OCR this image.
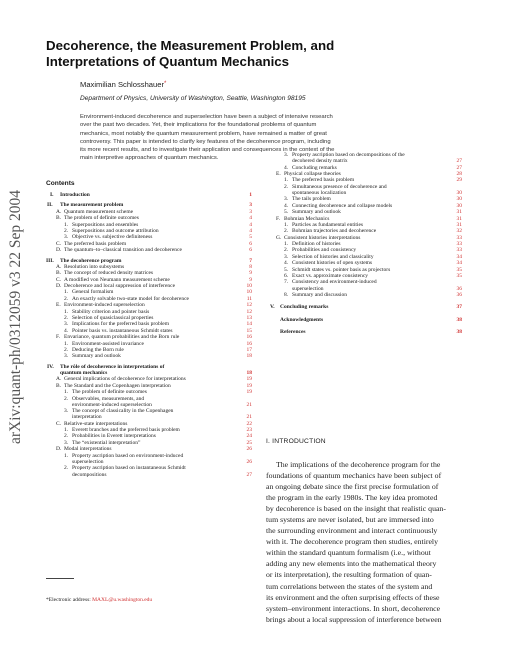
arXiv:quant-ph/0312059 v3 22 Sep 2004
Decoherence, the Measurement Problem, and
Interpretations of Quantum Mechanics
Maximilian Schlosshauer*
Department of Physics, University of Washington, Seattle, Washington 98195
Environment-induced decoherence and superselection have been a subject of intensive research
over the past two decades. Yet, their implications for the foundational problems of quantum
mechanics, most notably the quantum measurement problem, have remained a matter of great
controversy. This paper is intended to clarify key features of the decoherence program, including
its more recent results, and to investigate their application and consequences in the context of the
main interpretive approaches of quantum mechanics.
Contents
I. Introduction	1
II. The measurement problem	3
A. Quantum measurement scheme	3
B. The problem of definite outcomes	4
1. Superpositions and ensembles	4
2. Superpositions and outcome attribution	4
3. Objective vs. subjective definiteness	5
C. The preferred basis problem	6
D. The quantum–to–classical transition and decoherence	6
III. The decoherence program	7
A. Resolution into subsystems	8
B. The concept of reduced density matrices	9
C. A modified von Neumann measurement scheme	9
D. Decoherence and local suppression of interference	10
1. General formalism	10
2. An exactly solvable two-state model for decoherence	11
E. Environment-induced superselection	12
1. Stability criterion and pointer basis	12
2. Selection of quasiclassical properties	13
3. Implications for the preferred basis problem	14
4. Pointer basis vs. instantaneous Schmidt states	15
F. Envariance, quantum probabilities and the Born rule	16
1. Environment-assisted invariance	16
2. Deducing the Born rule	17
3. Summary and outlook	18
IV. The rôle of decoherence in interpretations of
quantum mechanics	18
A. General implications of decoherence for interpretations	19
B. The Standard and the Copenhagen interpretation	19
1. The problem of definite outcomes	19
2. Observables, measurements, and
environment-induced superselection	21
3. The concept of classicality in the Copenhagen
interpretation	21
C. Relative-state interpretations	22
1. Everett branches and the preferred basis problem	23
2. Probabilities in Everett interpretations	24
3. The “existential interpretation”	25
D. Modal interpretations	26
1. Property ascription based on environment-induced
superselection	26
2. Property ascription based on instantaneous Schmidt
decompositions	27
3. Property ascription based on decompositions of the
decohered density matrix	27
4. Concluding remarks	27
E. Physical collapse theories	28
1. The preferred basis problem	29
2. Simultaneous presence of decoherence and
spontaneous localization	30
3. The tails problem	30
4. Connecting decoherence and collapse models	30
5. Summary and outlook	31
F. Bohmian Mechanics	31
1. Particles as fundamental entities	31
2. Bohmian trajectories and decoherence	32
G. Consistent histories interpretations	33
1. Definition of histories	33
2. Probabilities and consistency	33
3. Selection of histories and classicality	34
4. Consistent histories of open systems	34
5. Schmidt states vs. pointer basis as projectors	35
6. Exact vs. approximate consistency	35
7. Consistency and environment-induced
superselection	36
8. Summary and discussion	36
V. Concluding remarks	37
Acknowledgments	38
References	38
*Electronic address: MAXL@u.washington.edu
I. INTRODUCTION
The implications of the decoherence program for the
foundations of quantum mechanics have been subject of
an ongoing debate since the first precise formulation of
the program in the early 1980s. The key idea promoted
by decoherence is based on the insight that realistic quan-
tum systems are never isolated, but are immersed into
the surrounding environment and interact continuously
with it. The decoherence program then studies, entirely
within the standard quantum formalism (i.e., without
adding any new elements into the mathematical theory
or its interpretation), the resulting formation of quan-
tum correlations between the states of the system and
its environment and the often surprising effects of these
system–environment interactions. In short, decoherence
brings about a local suppression of interference between
